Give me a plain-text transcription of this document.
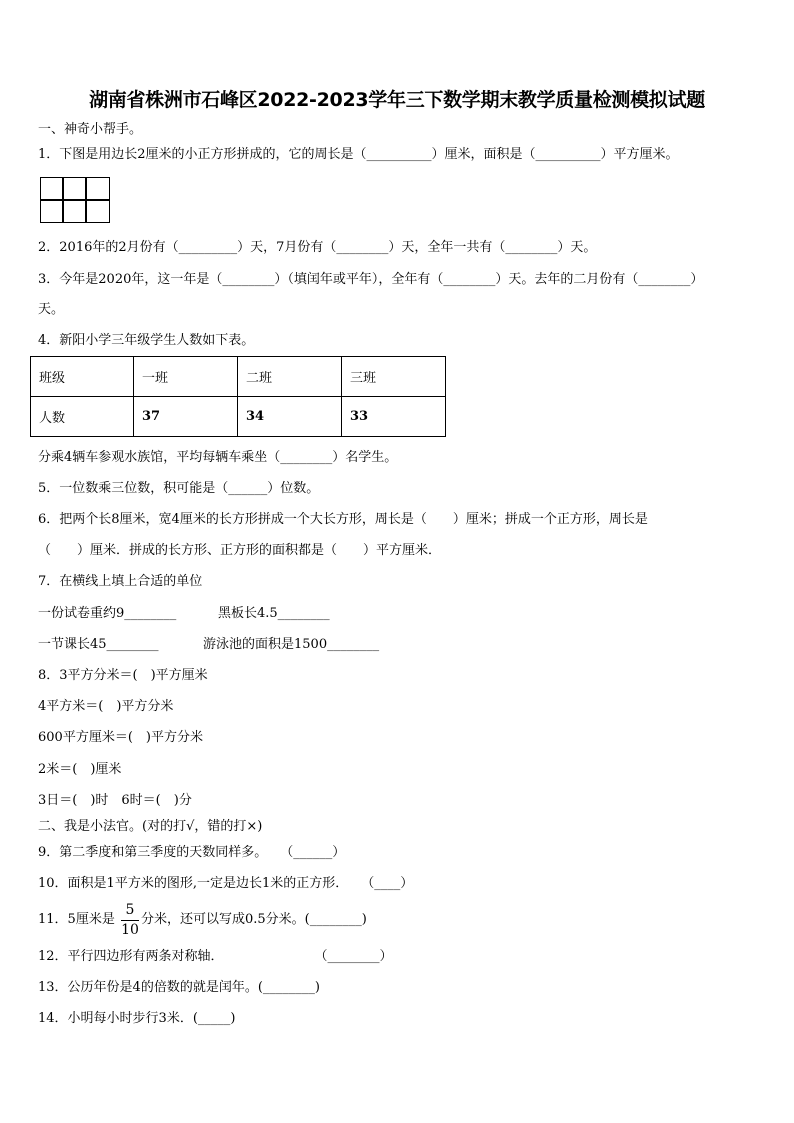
湖南省株洲市石峰区2022-2023学年三下数学期末教学质量检测模拟试题
一、神奇小帮手。
1．下图是用边长2厘米的小正方形拼成的，它的周长是（__________）厘米，面积是（__________）平方厘米。
2．2016年的2月份有（_________）天，7月份有（________）天，全年一共有（________）天。
3．今年是2020年，这一年是（________）（填闰年或平年），全年有（________）天。去年的二月份有（________）
天。
4．新阳小学三年级学生人数如下表。
班级	一班	二班	三班
人数	37	34	33
分乘4辆车参观水族馆，平均每辆车乘坐（________）名学生。
5．一位数乘三位数，积可能是（______）位数。
6．把两个长8厘米，宽4厘米的长方形拼成一个大长方形，周长是（　　）厘米；拼成一个正方形，周长是
（　　）厘米．拼成的长方形、正方形的面积都是（　　）平方厘米．
7．在横线上填上合适的单位
一份试卷重约9________	黑板长4.5________
一节课长45________	游泳池的面积是1500________
8．3平方分米＝(　)平方厘米
4平方米＝(　)平方分米
600平方厘米＝(　)平方分米
2米＝(　)厘米
3日＝(　)时　6时＝(　)分
二、我是小法官。(对的打√，错的打×)
9．第二季度和第三季度的天数同样多。　　（______）
10．面积是1平方米的图形,一定是边长1米的正方形．　　（____）
11．5厘米是
5
10
分米，还可以写成0.5分米。(________)
12．平行四边形有两条对称轴．　　　　　　　　（________）
13．公历年份是4的倍数的就是闰年。(________)
14．小明每小时步行3米．(_____)
